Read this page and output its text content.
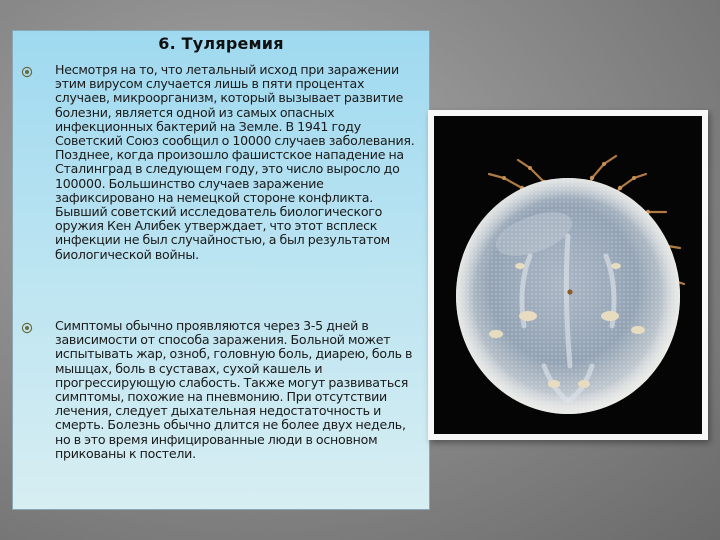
Несмотря на то, что летальный исход при заражении этим вирусом случается лишь в пяти процентах случаев, микроорганизм, который вызывает развитие болезни, является одной из самых опасных инфекционных бактерий на Земле. В 1941 году Советский Союз сообщил о 10000 случаев заболевания. Позднее, когда произошло фашистское нападение на Сталинград в следующем году, это число выросло до 100000. Большинство случаев заражение зафиксировано на немецкой стороне конфликта. Бывший советский исследователь биологического оружия Кен Алибек утверждает, что этот всплеск инфекции не был случайностью, а был результатом биологической войны.
Симптомы обычно проявляются через 3-5 дней в зависимости от способа заражения. Больной может испытывать жар, озноб, головную боль, диарею, боль в мышцах, боль в суставах, сухой кашель и прогрессирующую слабость. Также могут развиваться симптомы, похожие на пневмонию. При отсутствии лечения, следует дыхательная недостаточность и смерть. Болезнь обычно длится не более двух недель, но в это время инфицированные люди в основном прикованы к постели.
6. Туляремия
